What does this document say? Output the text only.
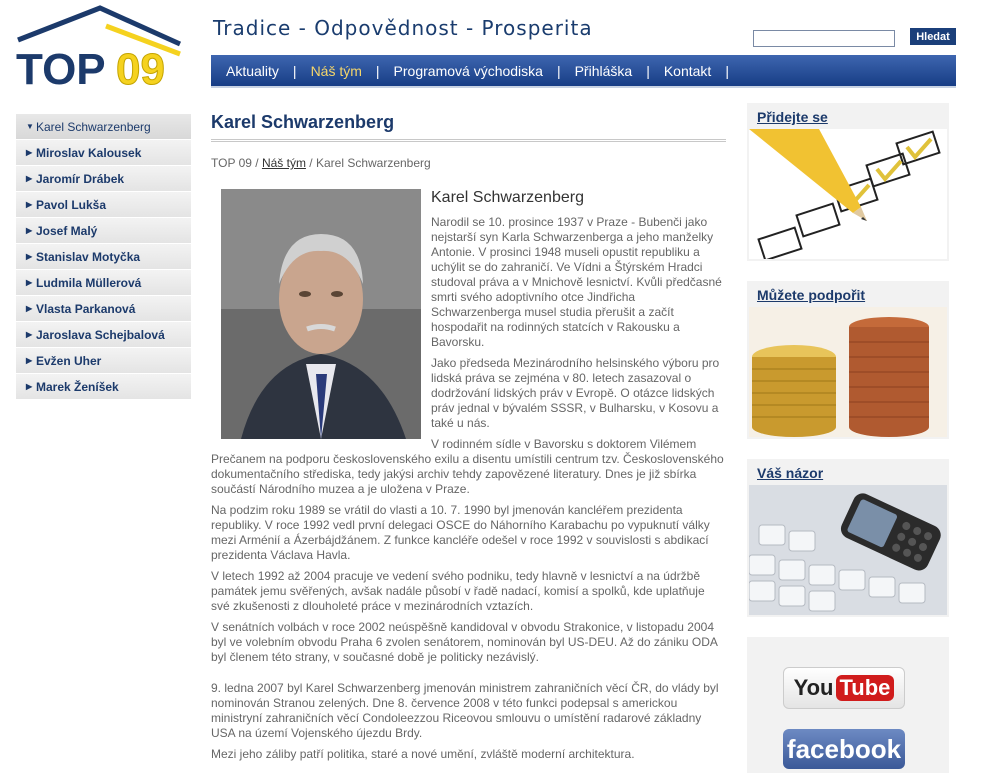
TOP 09
Tradice - Odpovědnost - Prosperita	Hledat
Aktuality | Náš tým | Programová východiska | Přihláška | Kontakt |
▼ Karel Schwarzenberg
▶ Miroslav Kalousek
▶ Jaromír Drábek
▶ Pavol Lukša
▶ Josef Malý
▶ Stanislav Motyčka
▶ Ludmila Müllerová
▶ Vlasta Parkanová
▶ Jaroslava Schejbalová
▶ Evžen Uher
▶ Marek Ženíšek
Karel Schwarzenberg
TOP 09 / Náš tým / Karel Schwarzenberg
Karel Schwarzenberg

Narodil se 10. prosince 1937 v Praze - Bubenči jako nejstarší syn Karla Schwarzenberga a jeho manželky Antonie. V prosinci 1948 museli opustit republiku a uchýlit se do zahraničí. Ve Vídni a Štýrském Hradci studoval práva a v Mnichově lesnictví. Kvůli předčasné smrti svého adoptivního otce Jindřicha Schwarzenberga musel studia přerušit a začít hospodařit na rodinných statcích v Rakousku a Bavorsku.

Jako předseda Mezinárodního helsinského výboru pro lidská práva se zejména v 80. letech zasazoval o dodržování lidských práv v Evropě. O otázce lidských práv jednal v bývalém SSSR, v Bulharsku, v Kosovu a také u nás.

V rodinném sídle v Bavorsku s doktorem Vilémem Prečanem na podporu československého exilu a disentu umístili centrum tzv. Československého dokumentačního střediska, tedy jakýsi archiv tehdy zapovězené literatury. Dnes je již sbírka součástí Národního muzea a je uložena v Praze.

Na podzim roku 1989 se vrátil do vlasti a 10. 7. 1990 byl jmenován kancléřem prezidenta republiky. V roce 1992 vedl první delegaci OSCE do Náhorního Karabachu po vypuknutí války mezi Arménií a Ázerbájdžánem. Z funkce kancléře odešel v roce 1992 v souvislosti s abdikací prezidenta Václava Havla.

V letech 1992 až 2004 pracuje ve vedení svého podniku, tedy hlavně v lesnictví a na údržbě památek jemu svěřených, avšak nadále působí v řadě nadací, komisí a spolků, kde uplatňuje své zkušenosti z dlouholeté práce v mezinárodních vztazích.

V senátních volbách v roce 2002 neúspěšně kandidoval v obvodu Strakonice, v listopadu 2004 byl ve volebním obvodu Praha 6 zvolen senátorem, nominován byl US-DEU. Až do zániku ODA byl členem této strany, v současné době je politicky nezávislý.

9. ledna 2007 byl Karel Schwarzenberg jmenován ministrem zahraničních věcí ČR, do vlády byl nominován Stranou zelených. Dne 8. července 2008 v této funkci podepsal s americkou ministryní zahraničních věcí Condoleezzou Riceovou smlouvu o umístění radarové základny USA na území Vojenského újezdu Brdy.

Mezi jeho záliby patří politika, staré a nové umění, zvláště moderní architektura.

Přidejte se
Můžete podpořit
Váš názor
You Tube
facebook
